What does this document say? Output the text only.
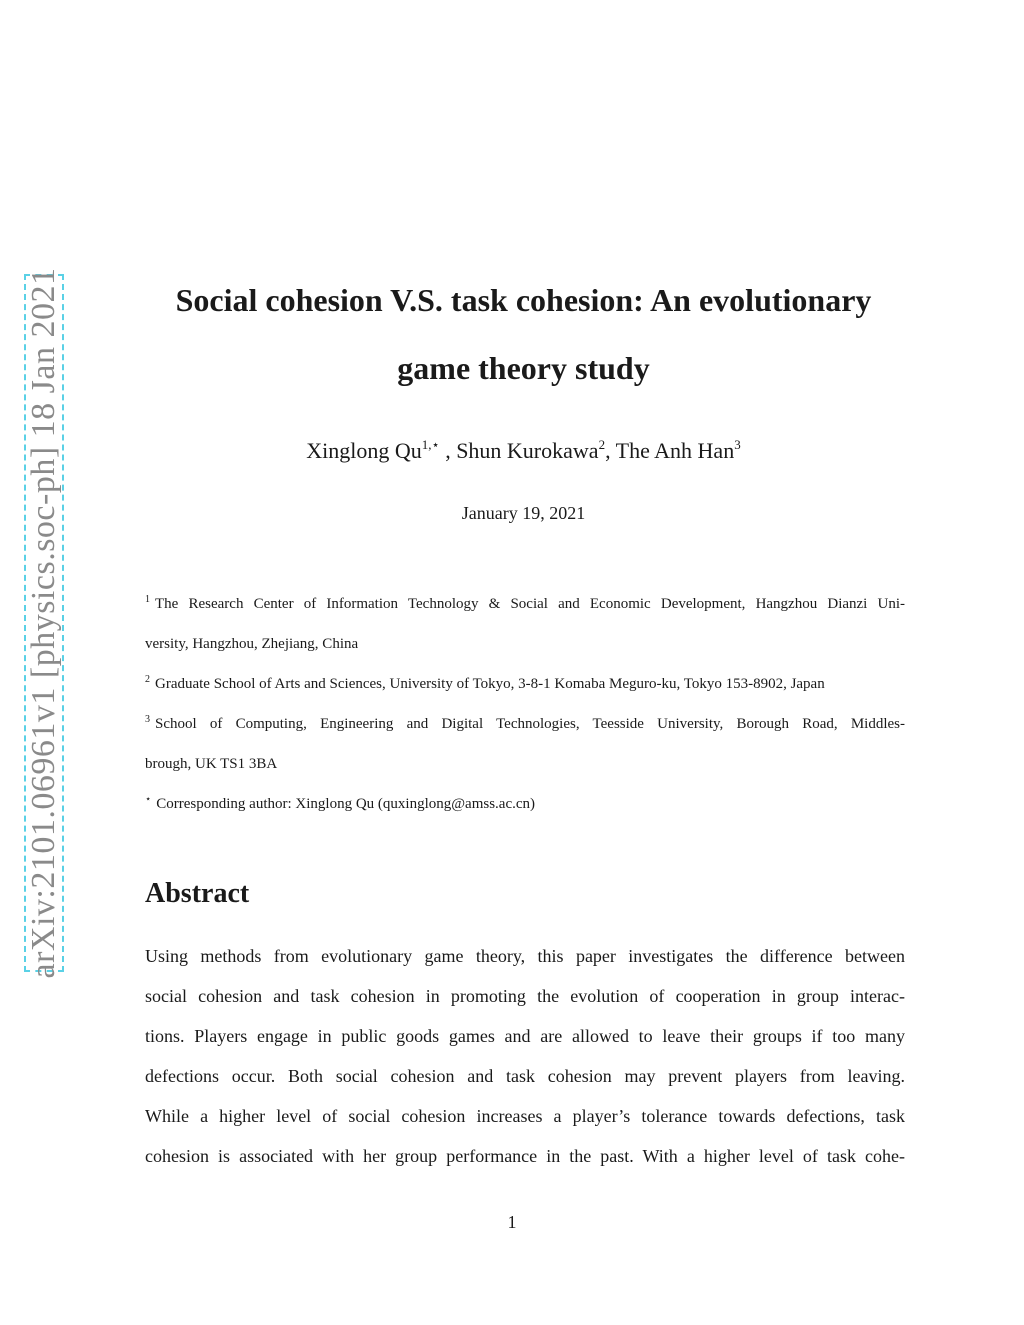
arXiv:2101.06961v1 [physics.soc-ph] 18 Jan 2021	Social cohesion V.S. task cohesion: An evolutionary
game theory study
Xinglong $Qu^{1,⋆}$ , Shun Kurokawa$^2$, The Anh Han$^3$
January 19, 2021
$^1$ The Research Center of Information Technology & Social and Economic Development, Hangzhou Dianzi Uni-
versity, Hangzhou, Zhejiang, China
$^2$ Graduate School of Arts and Sciences, University of Tokyo, 3-8-1 Komaba Meguro-ku, Tokyo 153-8902, Japan
$^3$ School of Computing, Engineering and Digital Technologies, Teesside University, Borough Road, Middles-
brough, UK TS1 3BA
⋆ Corresponding author: Xinglong Qu (quxinglong@amss.ac.cn)
Abstract
Using methods from evolutionary game theory, this paper investigates the difference between
social cohesion and task cohesion in promoting the evolution of cooperation in group interac-
tions. Players engage in public goods games and are allowed to leave their groups if too many
defections occur. Both social cohesion and task cohesion may prevent players from leaving.
While a higher level of social cohesion increases a player’s tolerance towards defections, task
cohesion is associated with her group performance in the past. With a higher level of task cohe-
1
